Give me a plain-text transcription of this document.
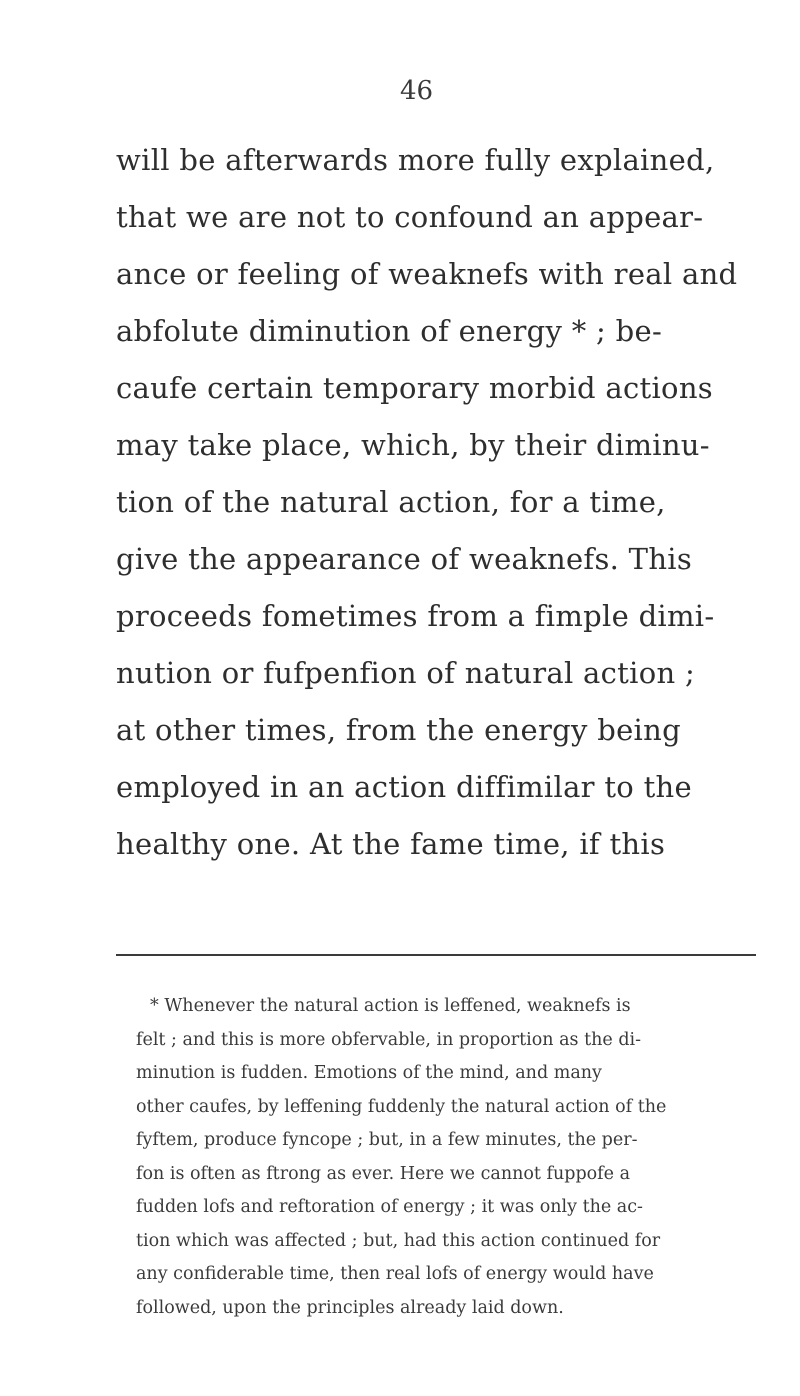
46
will be afterwards more fully explained,
that we are not to confound an appear-
ance or feeling of weaknefs with real and
abfolute diminution of energy * ; be-
caufe certain temporary morbid actions
may take place, which, by their diminu-
tion of the natural action, for a time,
give the appearance of weaknefs. This
proceeds fometimes from a fimple dimi-
nution or fufpenfion of natural action ;
at other times, from the energy being
employed in an action diffimilar to the
healthy one. At the fame time, if this
* Whenever the natural action is leffened, weaknefs is
felt ; and this is more obfervable, in proportion as the di-
minution is fudden. Emotions of the mind, and many
other caufes, by leffening fuddenly the natural action of the
fyftem, produce fyncope ; but, in a few minutes, the per-
fon is often as ftrong as ever. Here we cannot fuppofe a
fudden lofs and reftoration of energy ; it was only the ac-
tion which was affected ; but, had this action continued for
any confiderable time, then real lofs of energy would have
followed, upon the principles already laid down.
